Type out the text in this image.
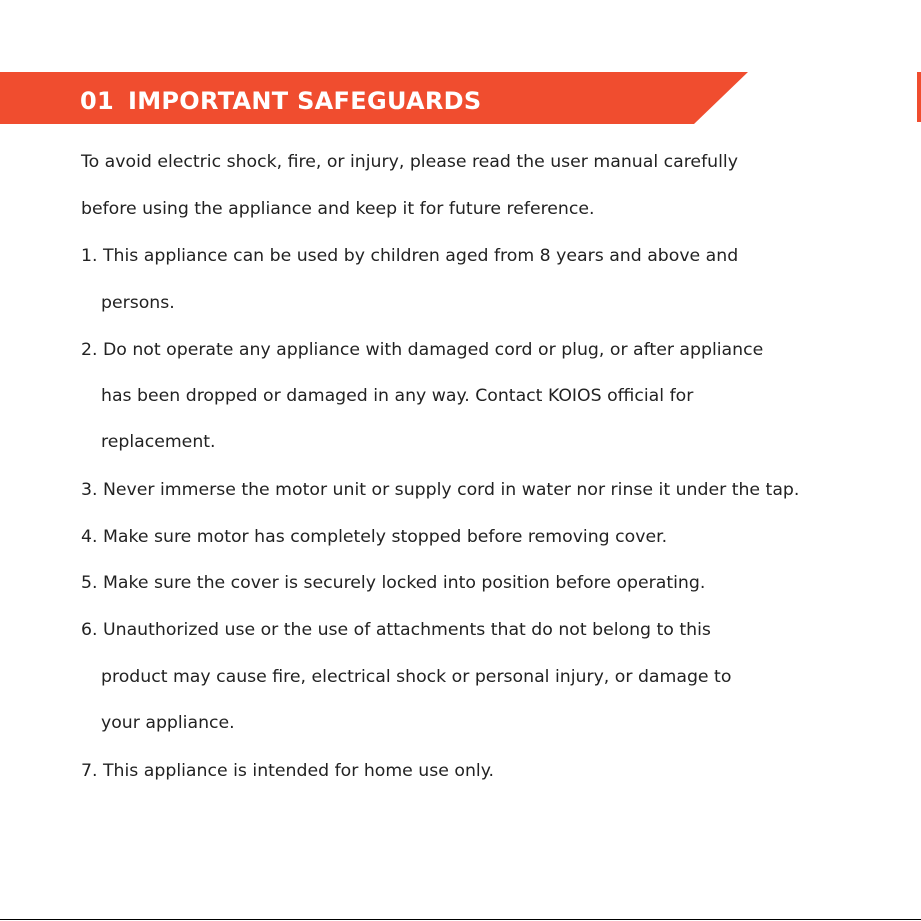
01 IMPORTANT SAFEGUARDS

To avoid electric shock, fire, or injury, please read the user manual carefully

before using the appliance and keep it for future reference.

1. This appliance can be used by children aged from 8 years and above and

persons.

2. Do not operate any appliance with damaged cord or plug, or after appliance

has been dropped or damaged in any way. Contact KOIOS official for

replacement.

3. Never immerse the motor unit or supply cord in water nor rinse it under the tap.

4. Make sure motor has completely stopped before removing cover.

5. Make sure the cover is securely locked into position before operating.

6. Unauthorized use or the use of attachments that do not belong to this

product may cause fire, electrical shock or personal injury, or damage to

your appliance.

7. This appliance is intended for home use only.
